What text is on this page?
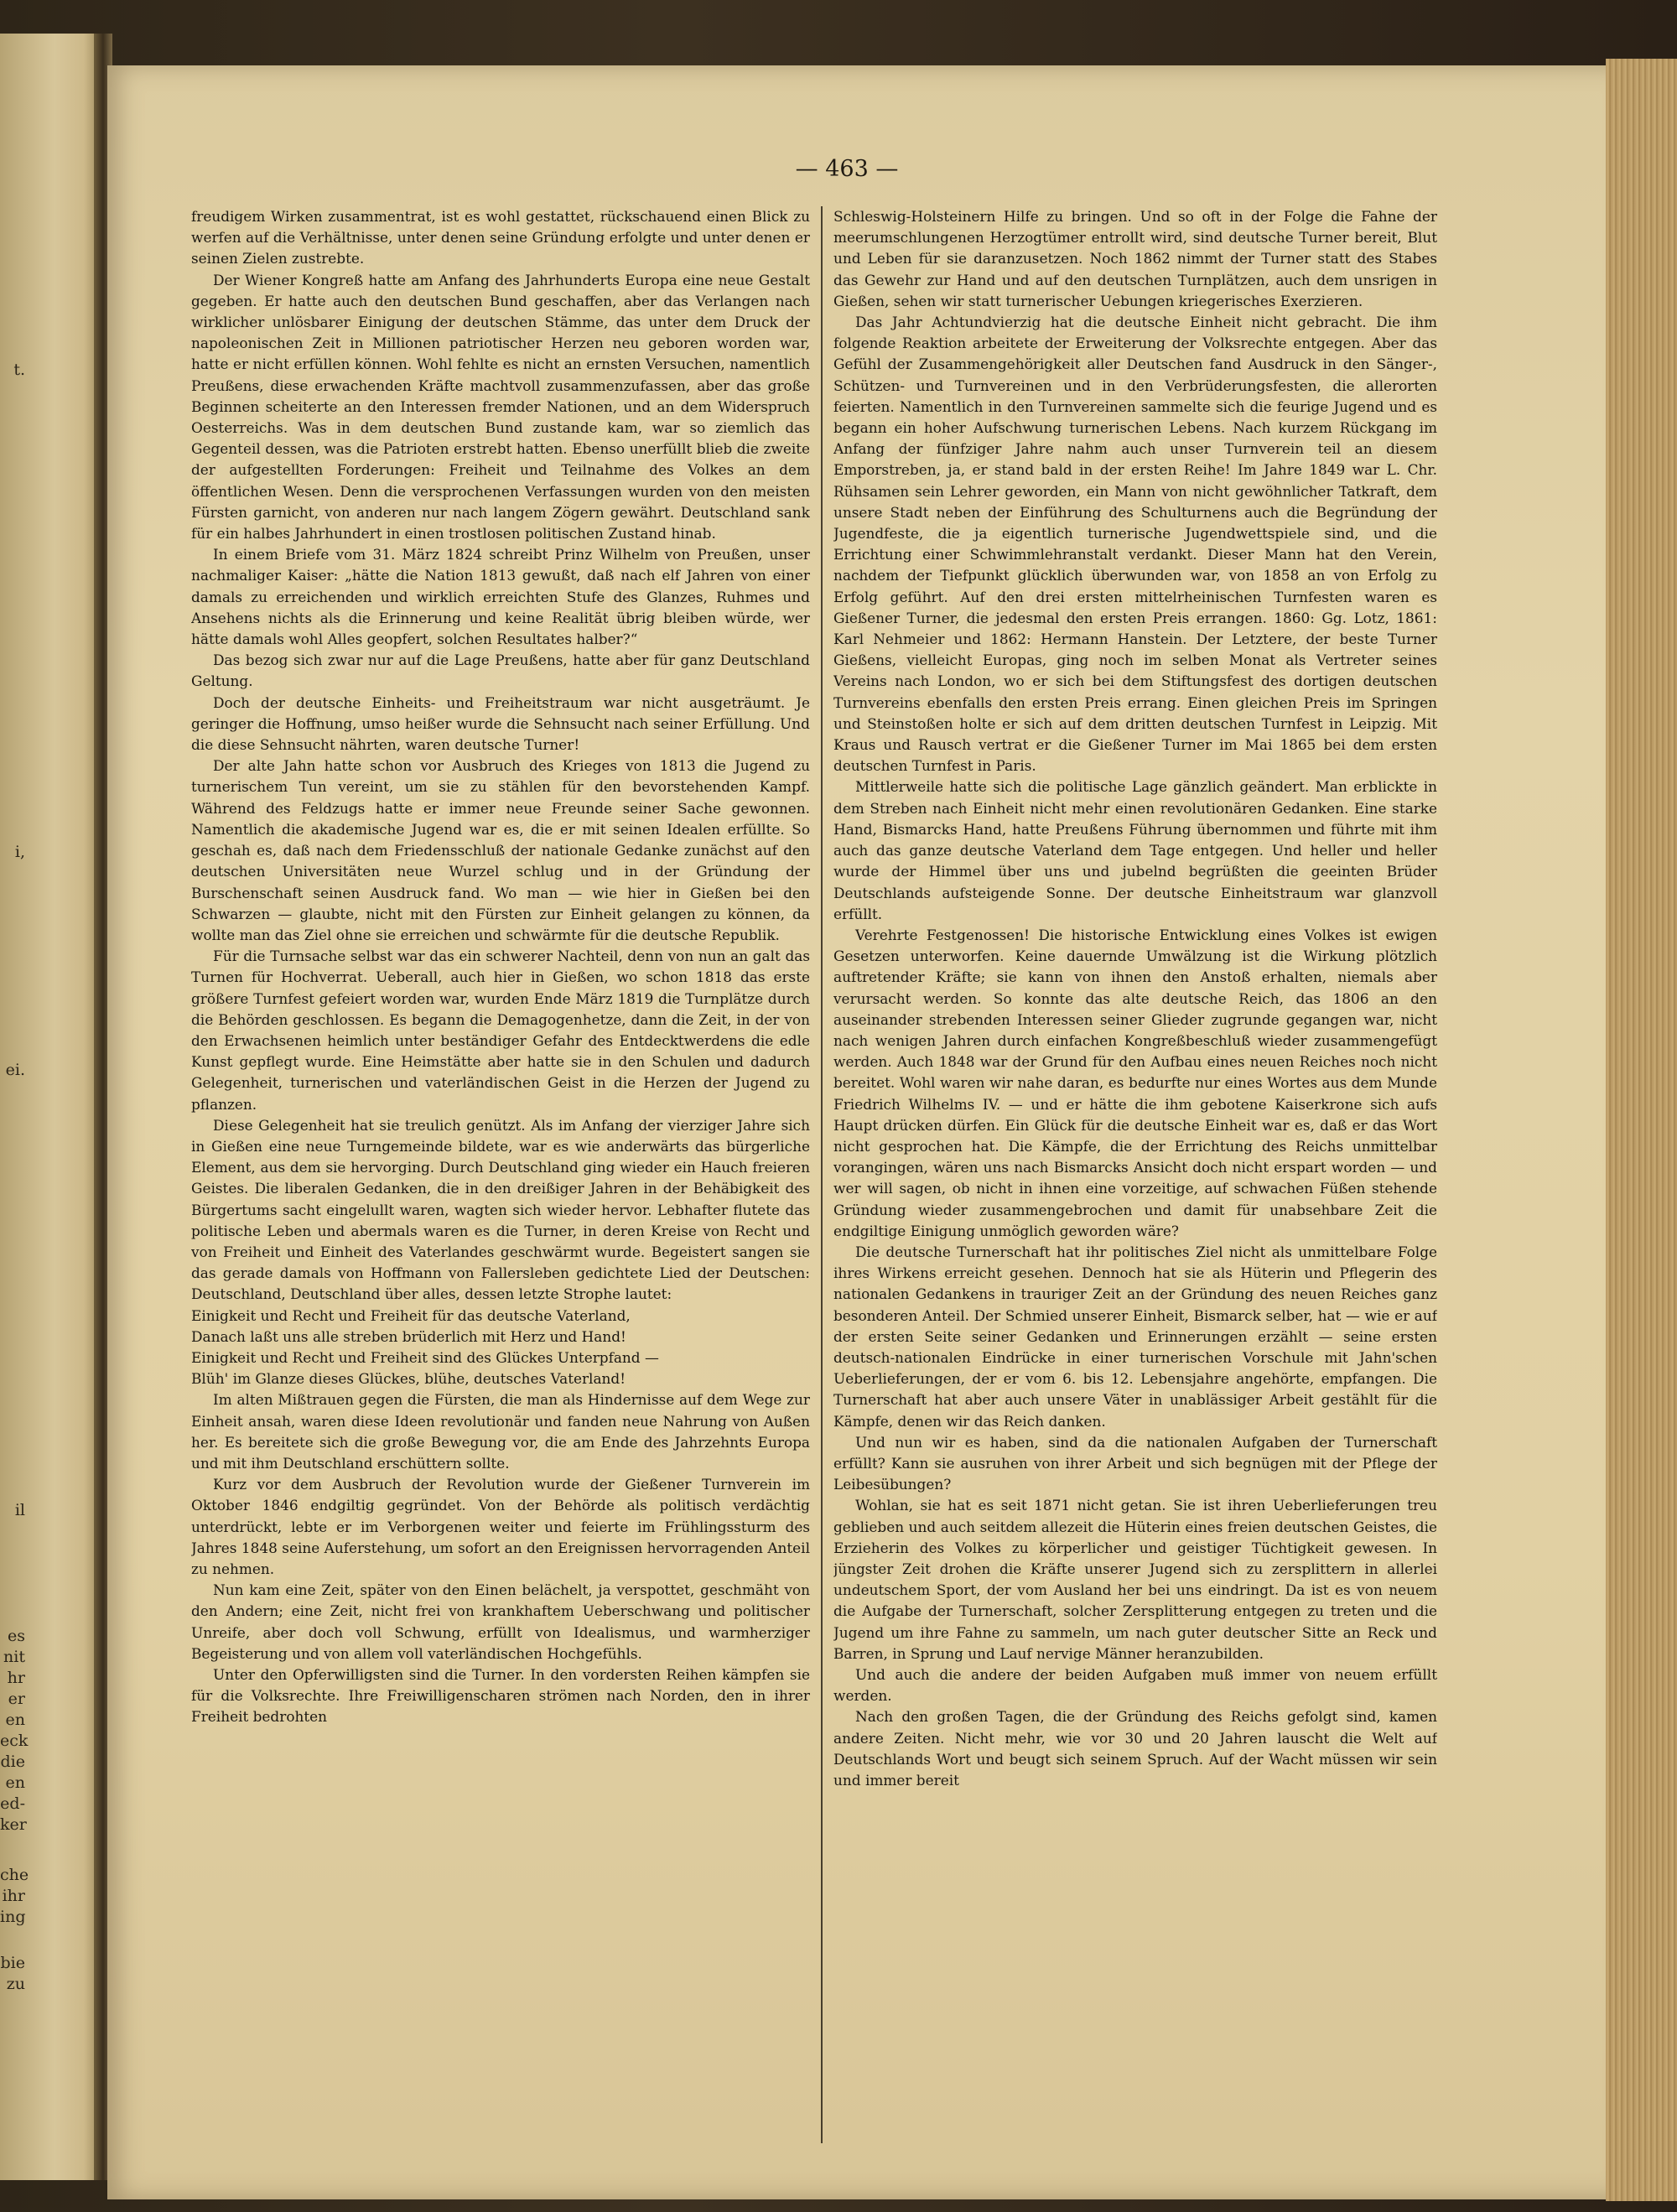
t.
i,
ei.
il
es
nit
hr
er
en
eck
die
en
ed-
ker
che
ihr
ing
bie
zu
— 463 —

freudigem Wirken zusammentrat, ist es wohl gestattet, rückschauend einen Blick zu werfen auf die Verhältnisse, unter denen seine Gründung erfolgte und unter denen er seinen Zielen zustrebte.

Der Wiener Kongreß hatte am Anfang des Jahrhunderts Europa eine neue Gestalt gegeben. Er hatte auch den deutschen Bund geschaffen, aber das Verlangen nach wirklicher unlösbarer Einigung der deutschen Stämme, das unter dem Druck der napoleonischen Zeit in Millionen patriotischer Herzen neu geboren worden war, hatte er nicht erfüllen können. Wohl fehlte es nicht an ernsten Versuchen, namentlich Preußens, diese erwachenden Kräfte machtvoll zusammenzufassen, aber das große Beginnen scheiterte an den Interessen fremder Nationen, und an dem Widerspruch Oesterreichs. Was in dem deutschen Bund zustande kam, war so ziemlich das Gegenteil dessen, was die Patrioten erstrebt hatten. Ebenso unerfüllt blieb die zweite der aufgestellten Forderungen: Freiheit und Teilnahme des Volkes an dem öffentlichen Wesen. Denn die versprochenen Verfassungen wurden von den meisten Fürsten garnicht, von anderen nur nach langem Zögern gewährt. Deutschland sank für ein halbes Jahrhundert in einen trostlosen politischen Zustand hinab.

In einem Briefe vom 31. März 1824 schreibt Prinz Wilhelm von Preußen, unser nachmaliger Kaiser: „hätte die Nation 1813 gewußt, daß nach elf Jahren von einer damals zu erreichenden und wirklich erreichten Stufe des Glanzes, Ruhmes und Ansehens nichts als die Erinnerung und keine Realität übrig bleiben würde, wer hätte damals wohl Alles geopfert, solchen Resultates halber?“

Das bezog sich zwar nur auf die Lage Preußens, hatte aber für ganz Deutschland Geltung.

Doch der deutsche Einheits- und Freiheitstraum war nicht ausgeträumt. Je geringer die Hoffnung, umso heißer wurde die Sehnsucht nach seiner Erfüllung. Und die diese Sehnsucht nährten, waren deutsche Turner!

Der alte Jahn hatte schon vor Ausbruch des Krieges von 1813 die Jugend zu turnerischem Tun vereint, um sie zu stählen für den bevorstehenden Kampf. Während des Feldzugs hatte er immer neue Freunde seiner Sache gewonnen. Namentlich die akademische Jugend war es, die er mit seinen Idealen erfüllte. So geschah es, daß nach dem Friedensschluß der nationale Gedanke zunächst auf den deutschen Universitäten neue Wurzel schlug und in der Gründung der Burschenschaft seinen Ausdruck fand. Wo man — wie hier in Gießen bei den Schwarzen — glaubte, nicht mit den Fürsten zur Einheit gelangen zu können, da wollte man das Ziel ohne sie erreichen und schwärmte für die deutsche Republik.

Für die Turnsache selbst war das ein schwerer Nachteil, denn von nun an galt das Turnen für Hochverrat. Ueberall, auch hier in Gießen, wo schon 1818 das erste größere Turnfest gefeiert worden war, wurden Ende März 1819 die Turnplätze durch die Behörden geschlossen. Es begann die Demagogenhetze, dann die Zeit, in der von den Erwachsenen heimlich unter beständiger Gefahr des Entdecktwerdens die edle Kunst gepflegt wurde. Eine Heimstätte aber hatte sie in den Schulen und dadurch Gelegenheit, turnerischen und vaterländischen Geist in die Herzen der Jugend zu pflanzen.

Diese Gelegenheit hat sie treulich genützt. Als im Anfang der vierziger Jahre sich in Gießen eine neue Turngemeinde bildete, war es wie anderwärts das bürgerliche Element, aus dem sie hervorging. Durch Deutschland ging wieder ein Hauch freieren Geistes. Die liberalen Gedanken, die in den dreißiger Jahren in der Behäbigkeit des Bürgertums sacht eingelullt waren, wagten sich wieder hervor. Lebhafter flutete das politische Leben und abermals waren es die Turner, in deren Kreise von Recht und von Freiheit und Einheit des Vaterlandes geschwärmt wurde. Begeistert sangen sie das gerade damals von Hoffmann von Fallersleben gedichtete Lied der Deutschen: Deutschland, Deutschland über alles, dessen letzte Strophe lautet:

Einigkeit und Recht und Freiheit für das deutsche Vaterland,

Danach laßt uns alle streben brüderlich mit Herz und Hand!

Einigkeit und Recht und Freiheit sind des Glückes Unterpfand —

Blüh' im Glanze dieses Glückes, blühe, deutsches Vaterland!

Im alten Mißtrauen gegen die Fürsten, die man als Hindernisse auf dem Wege zur Einheit ansah, waren diese Ideen revolutionär und fanden neue Nahrung von Außen her. Es bereitete sich die große Bewegung vor, die am Ende des Jahrzehnts Europa und mit ihm Deutschland erschüttern sollte.

Kurz vor dem Ausbruch der Revolution wurde der Gießener Turnverein im Oktober 1846 endgiltig gegründet. Von der Behörde als politisch verdächtig unterdrückt, lebte er im Verborgenen weiter und feierte im Frühlingssturm des Jahres 1848 seine Auferstehung, um sofort an den Ereignissen hervorragenden Anteil zu nehmen.

Nun kam eine Zeit, später von den Einen belächelt, ja verspottet, geschmäht von den Andern; eine Zeit, nicht frei von krankhaftem Ueberschwang und politischer Unreife, aber doch voll Schwung, erfüllt von Idealismus, und warmherziger Begeisterung und von allem voll vaterländischen Hochgefühls.

Unter den Opferwilligsten sind die Turner. In den vordersten Reihen kämpfen sie für die Volksrechte. Ihre Freiwilligenscharen strömen nach Norden, den in ihrer Freiheit bedrohten

Schleswig-Holsteinern Hilfe zu bringen. Und so oft in der Folge die Fahne der meerumschlungenen Herzogtümer entrollt wird, sind deutsche Turner bereit, Blut und Leben für sie daranzusetzen. Noch 1862 nimmt der Turner statt des Stabes das Gewehr zur Hand und auf den deutschen Turnplätzen, auch dem unsrigen in Gießen, sehen wir statt turnerischer Uebungen kriegerisches Exerzieren.

Das Jahr Achtundvierzig hat die deutsche Einheit nicht gebracht. Die ihm folgende Reaktion arbeitete der Erweiterung der Volksrechte entgegen. Aber das Gefühl der Zusammengehörigkeit aller Deutschen fand Ausdruck in den Sänger-, Schützen- und Turnvereinen und in den Verbrüderungsfesten, die allerorten feierten. Namentlich in den Turnvereinen sammelte sich die feurige Jugend und es begann ein hoher Aufschwung turnerischen Lebens. Nach kurzem Rückgang im Anfang der fünfziger Jahre nahm auch unser Turnverein teil an diesem Emporstreben, ja, er stand bald in der ersten Reihe! Im Jahre 1849 war L. Chr. Rühsamen sein Lehrer geworden, ein Mann von nicht gewöhnlicher Tatkraft, dem unsere Stadt neben der Einführung des Schulturnens auch die Begründung der Jugendfeste, die ja eigentlich turnerische Jugendwettspiele sind, und die Errichtung einer Schwimmlehranstalt verdankt. Dieser Mann hat den Verein, nachdem der Tiefpunkt glücklich überwunden war, von 1858 an von Erfolg zu Erfolg geführt. Auf den drei ersten mittelrheinischen Turnfesten waren es Gießener Turner, die jedesmal den ersten Preis errangen. 1860: Gg. Lotz, 1861: Karl Nehmeier und 1862: Hermann Hanstein. Der Letztere, der beste Turner Gießens, vielleicht Europas, ging noch im selben Monat als Vertreter seines Vereins nach London, wo er sich bei dem Stiftungsfest des dortigen deutschen Turnvereins ebenfalls den ersten Preis errang. Einen gleichen Preis im Springen und Steinstoßen holte er sich auf dem dritten deutschen Turnfest in Leipzig. Mit Kraus und Rausch vertrat er die Gießener Turner im Mai 1865 bei dem ersten deutschen Turnfest in Paris.

Mittlerweile hatte sich die politische Lage gänzlich geändert. Man erblickte in dem Streben nach Einheit nicht mehr einen revolutionären Gedanken. Eine starke Hand, Bismarcks Hand, hatte Preußens Führung übernommen und führte mit ihm auch das ganze deutsche Vaterland dem Tage entgegen. Und heller und heller wurde der Himmel über uns und jubelnd begrüßten die geeinten Brüder Deutschlands aufsteigende Sonne. Der deutsche Einheitstraum war glanzvoll erfüllt.

Verehrte Festgenossen! Die historische Entwicklung eines Volkes ist ewigen Gesetzen unterworfen. Keine dauernde Umwälzung ist die Wirkung plötzlich auftretender Kräfte; sie kann von ihnen den Anstoß erhalten, niemals aber verursacht werden. So konnte das alte deutsche Reich, das 1806 an den auseinander strebenden Interessen seiner Glieder zugrunde gegangen war, nicht nach wenigen Jahren durch einfachen Kongreßbeschluß wieder zusammengefügt werden. Auch 1848 war der Grund für den Aufbau eines neuen Reiches noch nicht bereitet. Wohl waren wir nahe daran, es bedurfte nur eines Wortes aus dem Munde Friedrich Wilhelms IV. — und er hätte die ihm gebotene Kaiserkrone sich aufs Haupt drücken dürfen. Ein Glück für die deutsche Einheit war es, daß er das Wort nicht gesprochen hat. Die Kämpfe, die der Errichtung des Reichs unmittelbar vorangingen, wären uns nach Bismarcks Ansicht doch nicht erspart worden — und wer will sagen, ob nicht in ihnen eine vorzeitige, auf schwachen Füßen stehende Gründung wieder zusammengebrochen und damit für unabsehbare Zeit die endgiltige Einigung unmöglich geworden wäre?

Die deutsche Turnerschaft hat ihr politisches Ziel nicht als unmittelbare Folge ihres Wirkens erreicht gesehen. Dennoch hat sie als Hüterin und Pflegerin des nationalen Gedankens in trauriger Zeit an der Gründung des neuen Reiches ganz besonderen Anteil. Der Schmied unserer Einheit, Bismarck selber, hat — wie er auf der ersten Seite seiner Gedanken und Erinnerungen erzählt — seine ersten deutsch-nationalen Eindrücke in einer turnerischen Vorschule mit Jahn'schen Ueberlieferungen, der er vom 6. bis 12. Lebensjahre angehörte, empfangen. Die Turnerschaft hat aber auch unsere Väter in unablässiger Arbeit gestählt für die Kämpfe, denen wir das Reich danken.

Und nun wir es haben, sind da die nationalen Aufgaben der Turnerschaft erfüllt? Kann sie ausruhen von ihrer Arbeit und sich begnügen mit der Pflege der Leibesübungen?

Wohlan, sie hat es seit 1871 nicht getan. Sie ist ihren Ueberlieferungen treu geblieben und auch seitdem allezeit die Hüterin eines freien deutschen Geistes, die Erzieherin des Volkes zu körperlicher und geistiger Tüchtigkeit gewesen. In jüngster Zeit drohen die Kräfte unserer Jugend sich zu zersplittern in allerlei undeutschem Sport, der vom Ausland her bei uns eindringt. Da ist es von neuem die Aufgabe der Turnerschaft, solcher Zersplitterung entgegen zu treten und die Jugend um ihre Fahne zu sammeln, um nach guter deutscher Sitte an Reck und Barren, in Sprung und Lauf nervige Männer heranzubilden.

Und auch die andere der beiden Aufgaben muß immer von neuem erfüllt werden.

Nach den großen Tagen, die der Gründung des Reichs gefolgt sind, kamen andere Zeiten. Nicht mehr, wie vor 30 und 20 Jahren lauscht die Welt auf Deutschlands Wort und beugt sich seinem Spruch. Auf der Wacht müssen wir sein und immer bereit
